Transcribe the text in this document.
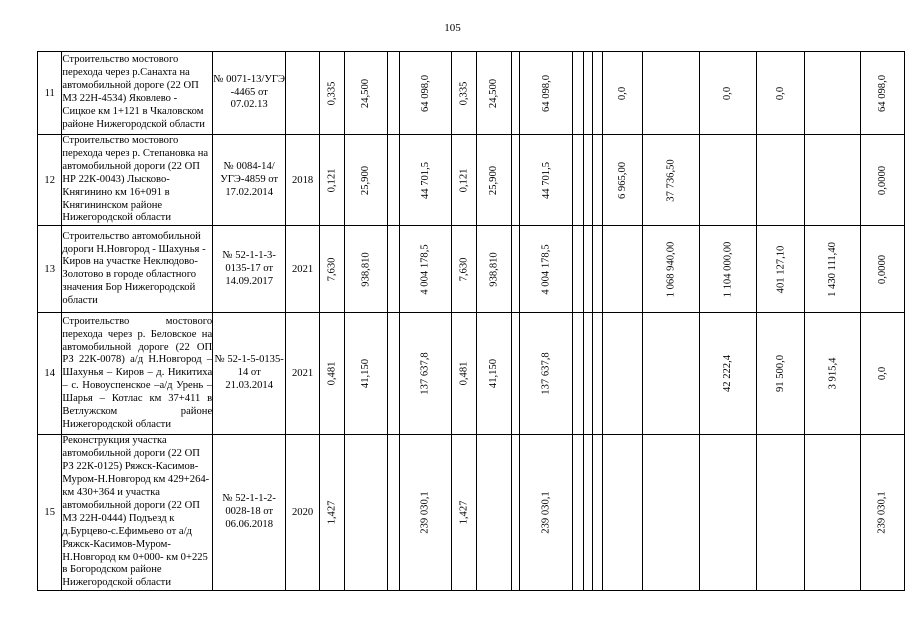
105
11	Строительство мостового перехода через р.Санахта на автомобильной дороге (22 ОП МЗ 22Н-4534) Яковлево - Сицкое км 1+121 в Чкаловском районе Нижегородской области	№ 0071-13/УГЭ -4465 от 07.02.13		0,335	24,500		64 098,0	0,335	24,500		64 098,0				0,0		0,0	0,0		64 098,0
12	Строительство мостового перехода через р. Степановка на автомобильной дороги (22 ОП НР 22К-0043) Лысково-Княгинино км 16+091 в Княгининском районе Нижегородской области	№ 0084-14/УГЭ-4859 от 17.02.2014	2018	0,121	25,900		44 701,5	0,121	25,900		44 701,5				6 965,00	37 736,50				0,0000
13	Строительство автомобильной дороги Н.Новгород - Шахунья - Киров на участке Неклюдово-Золотово в городе областного значения Бор Нижегородской области	№ 52-1-1-3-0135-17 от 14.09.2017	2021	7,630	938,810		4 004 178,5	7,630	938,810		4 004 178,5					1 068 940,00	1 104 000,00	401 127,10	1 430 111,40	0,0000
14	Строительство мостового перехода через р. Беловское на автомобильной дороге (22 ОП РЗ 22К-0078) а/д Н.Новгород – Шахунья – Киров – д. Никитиха – с. Новоуспенское –а/д Урень – Шарья – Котлас км 37+411 в Ветлужском районе Нижегородской области	№ 52-1-5-0135-14 от 21.03.2014	2021	0,481	41,150		137 637,8	0,481	41,150		137 637,8						42 222,4	91 500,0	3 915,4	0,0
15	Реконструкция участка автомобильной дороги (22 ОП РЗ 22К-0125) Ряжск-Касимов-Муром-Н.Новгород км 429+264- км 430+364 и участка автомобильной дороги (22 ОП МЗ 22Н-0444) Подъезд к д.Бурцево-с.Ефимьево от а/д Ряжск-Касимов-Муром-Н.Новгород км 0+000- км 0+225 в Богородском районе Нижегородской области	№ 52-1-1-2-0028-18 от 06.06.2018	2020	1,427			239 030,1	1,427			239 030,1									239 030,1
